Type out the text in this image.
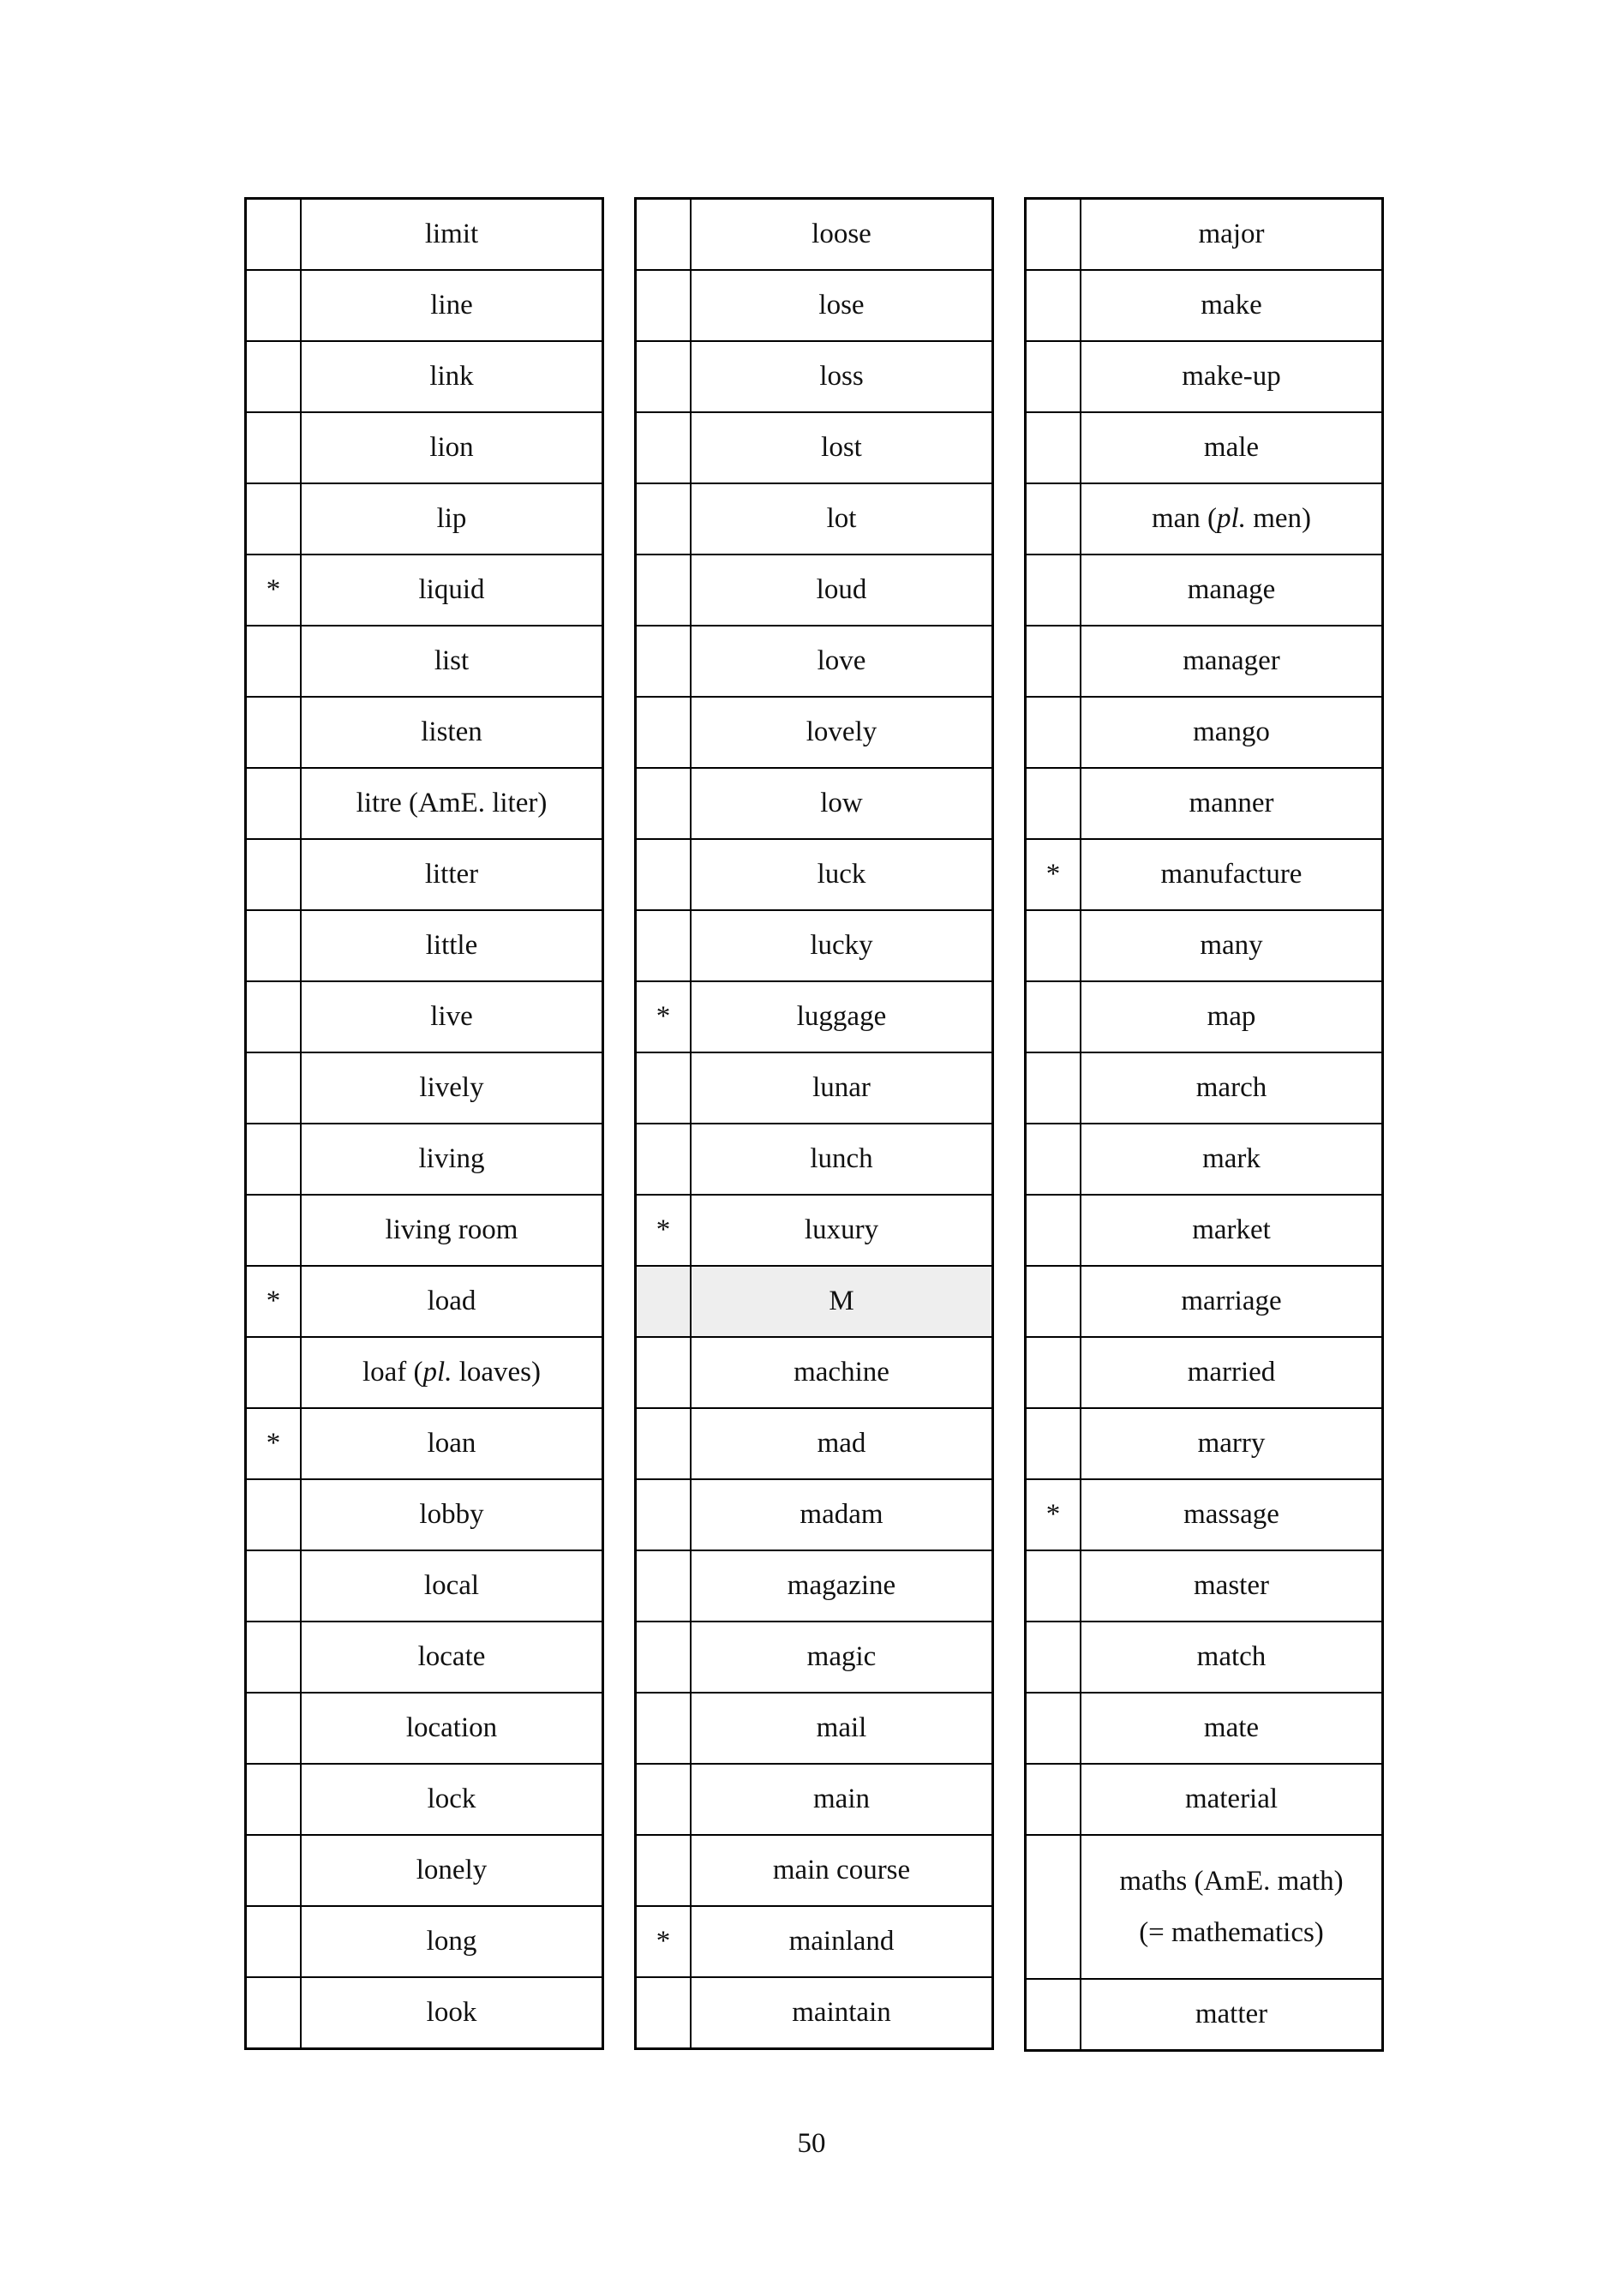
	limit
	line
	link
	lion
	lip
*	liquid
	list
	listen
	litre (AmE. liter)
	litter
	little
	live
	lively
	living
	living room
*	load
	loaf (pl. loaves)
*	loan
	lobby
	local
	locate
	location
	lock
	lonely
	long
	look
	loose
	lose
	loss
	lost
	lot
	loud
	love
	lovely
	low
	luck
	lucky
*	luggage
	lunar
	lunch
*	luxury
	M
	machine
	mad
	madam
	magazine
	magic
	mail
	main
	main course
*	mainland
	maintain
	major
	make
	make-up
	male
	man (pl. men)
	manage
	manager
	mango
	manner
*	manufacture
	many
	map
	march
	mark
	market
	marriage
	married
	marry
*	massage
	master
	match
	mate
	material
	maths (AmE. math)
(= mathematics)
	matter
50
